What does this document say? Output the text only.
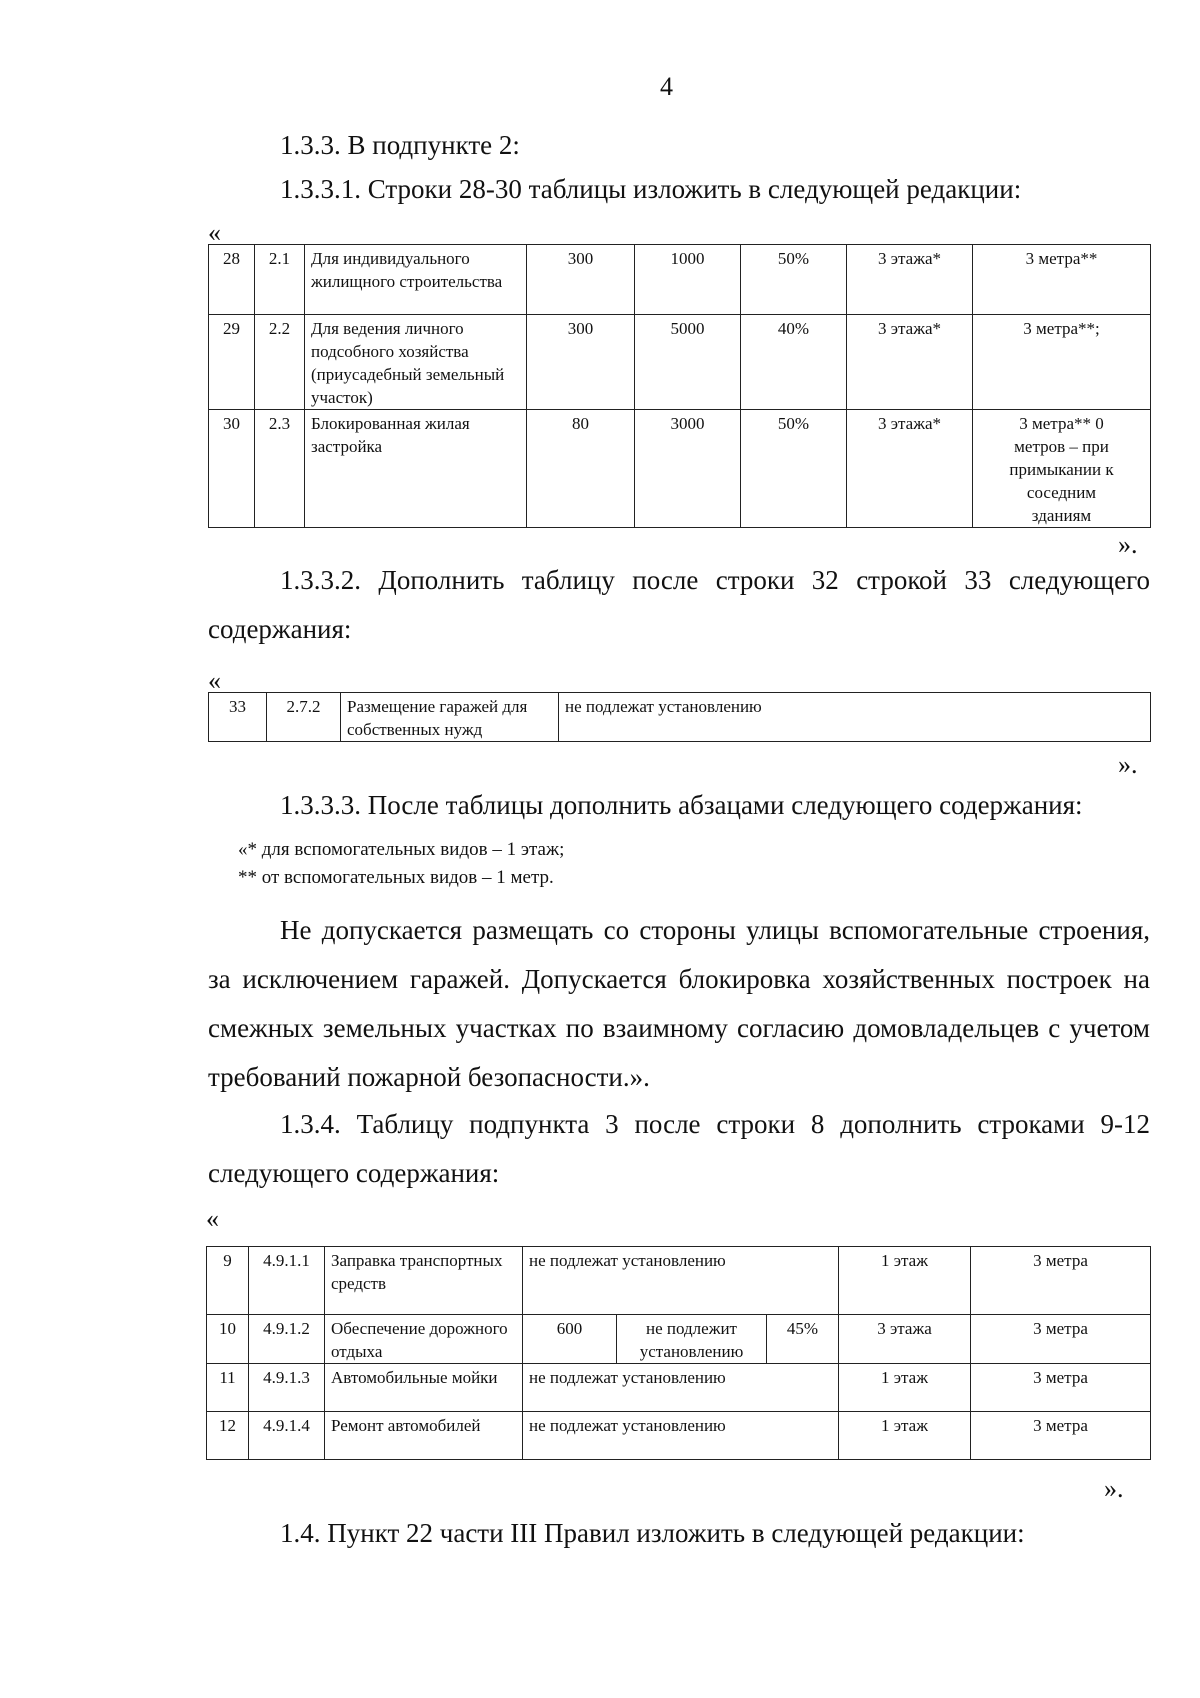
4
1.3.3. В подпункте 2:
1.3.3.1. Строки 28-30 таблицы изложить в следующей редакции:
«
28	2.1	Для индивидуального жилищного строительства	300	1000	50%	3 этажа*	3 метра**
29	2.2	Для ведения личного подсобного хозяйства (приусадебный земельный участок)	300	5000	40%	3 этажа*	3 метра**;
30	2.3	Блокированная жилая застройка	80	3000	50%	3 этажа*	3 метра** 0 метров – при примыкании к соседним зданиям
».
1.3.3.2. Дополнить таблицу после строки 32 строкой 33 следующего содержания:
«
33	2.7.2	Размещение гаражей для собственных нужд	не подлежат установлению
».
1.3.3.3. После таблицы дополнить абзацами следующего содержания:
«* для вспомогательных видов – 1 этаж;
** от вспомогательных видов – 1 метр.
Не допускается размещать со стороны улицы вспомогательные строения, за исключением гаражей. Допускается блокировка хозяйственных построек на смежных земельных участках по взаимному согласию домовладельцев с учетом требований пожарной безопасности.».
1.3.4. Таблицу подпункта 3 после строки 8 дополнить строками 9-12 следующего содержания:
«
9	4.9.1.1	Заправка транспортных средств	не подлежат установлению			1 этаж	3 метра
10	4.9.1.2	Обеспечение дорожного отдыха	600	не подлежит установлению	45%	3 этажа	3 метра
11	4.9.1.3	Автомобильные мойки	не подлежат установлению			1 этаж	3 метра
12	4.9.1.4	Ремонт автомобилей	не подлежат установлению			1 этаж	3 метра
».
1.4. Пункт 22 части III Правил изложить в следующей редакции:
